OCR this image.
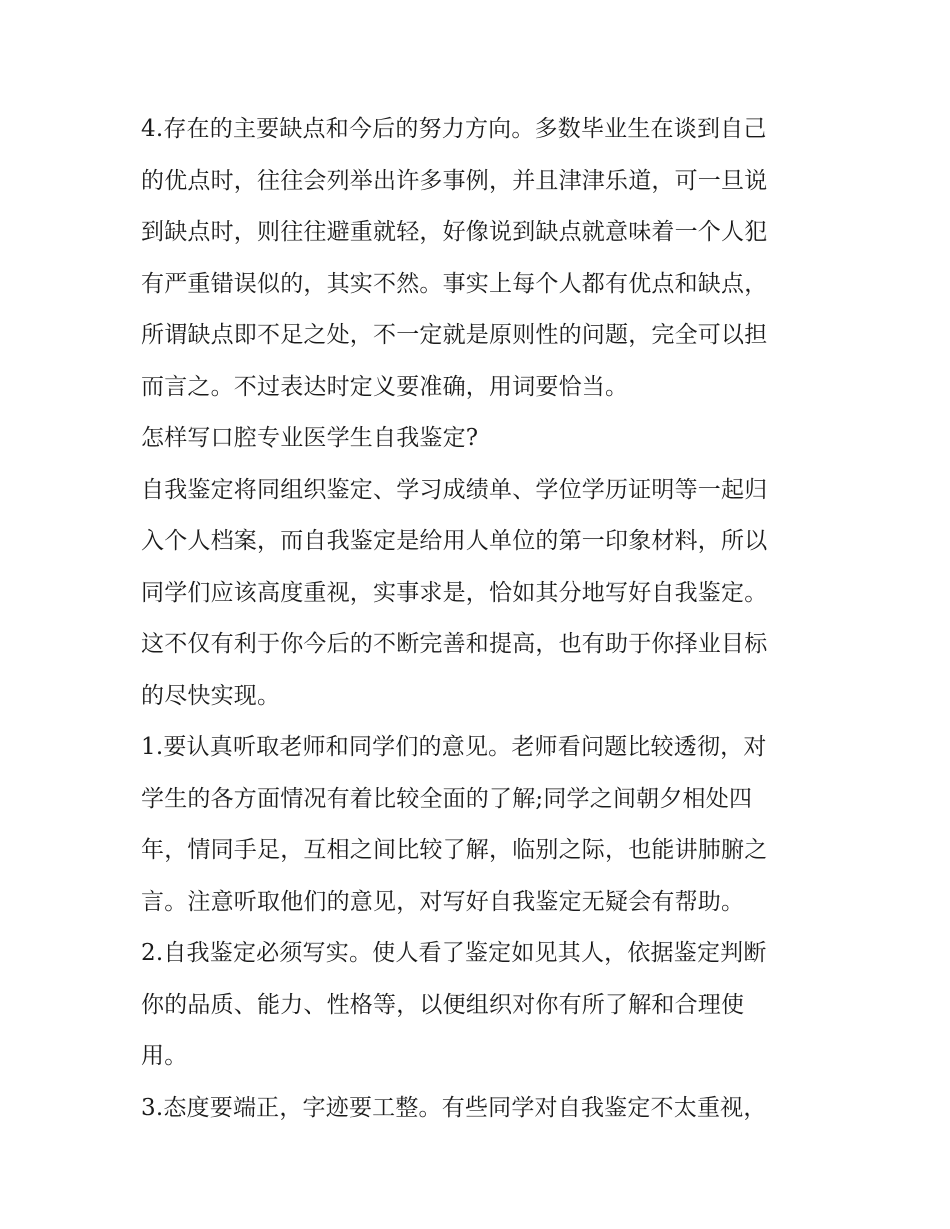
4.存在的主要缺点和今后的努力方向。多数毕业生在谈到自己
的优点时，往往会列举出许多事例，并且津津乐道，可一旦说
到缺点时，则往往避重就轻，好像说到缺点就意味着一个人犯
有严重错误似的，其实不然。事实上每个人都有优点和缺点，
所谓缺点即不足之处，不一定就是原则性的问题，完全可以担
而言之。不过表达时定义要准确，用词要恰当。
怎样写口腔专业医学生自我鉴定?
自我鉴定将同组织鉴定、学习成绩单、学位学历证明等一起归
入个人档案，而自我鉴定是给用人单位的第一印象材料，所以
同学们应该高度重视，实事求是，恰如其分地写好自我鉴定。
这不仅有利于你今后的不断完善和提高，也有助于你择业目标
的尽快实现。
1.要认真听取老师和同学们的意见。老师看问题比较透彻，对
学生的各方面情况有着比较全面的了解;同学之间朝夕相处四
年，情同手足，互相之间比较了解，临别之际，也能讲肺腑之
言。注意听取他们的意见，对写好自我鉴定无疑会有帮助。
2.自我鉴定必须写实。使人看了鉴定如见其人，依据鉴定判断
你的品质、能力、性格等，以便组织对你有所了解和合理使
用。
3.态度要端正，字迹要工整。有些同学对自我鉴定不太重视，
